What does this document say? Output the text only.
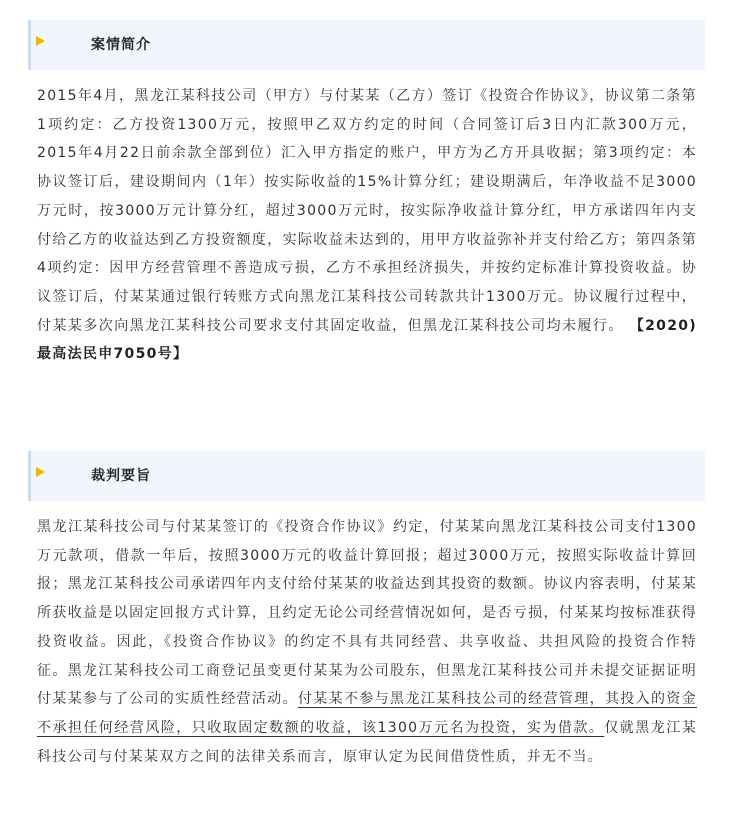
案情简介

2015年4月，黑龙江某科技公司（甲方）与付某某（乙方）签订《投资合作协议》，协议第二条第1项约定：乙方投资1300万元，按照甲乙双方约定的时间（合同签订后3日内汇款300万元，2015年4月22日前余款全部到位）汇入甲方指定的账户，甲方为乙方开具收据；第3项约定：本协议签订后，建设期间内（1年）按实际收益的15%计算分红；建设期满后，年净收益不足3000万元时，按3000万元计算分红，超过3000万元时，按实际净收益计算分红，甲方承诺四年内支付给乙方的收益达到乙方投资额度，实际收益未达到的，用甲方收益弥补并支付给乙方；第四条第4项约定：因甲方经营管理不善造成亏损，乙方不承担经济损失，并按约定标准计算投资收益。协议签订后，付某某通过银行转账方式向黑龙江某科技公司转款共计1300万元。协议履行过程中，付某某多次向黑龙江某科技公司要求支付其固定收益，但黑龙江某科技公司均未履行。 【2020)最高法民申7050号】

裁判要旨

黑龙江某科技公司与付某某签订的《投资合作协议》约定，付某某向黑龙江某科技公司支付1300万元款项，借款一年后，按照3000万元的收益计算回报；超过3000万元，按照实际收益计算回报；黑龙江某科技公司承诺四年内支付给付某某的收益达到其投资的数额。协议内容表明，付某某所获收益是以固定回报方式计算，且约定无论公司经营情况如何，是否亏损，付某某均按标准获得投资收益。因此，《投资合作协议》的约定不具有共同经营、共享收益、共担风险的投资合作特征。黑龙江某科技公司工商登记虽变更付某某为公司股东，但黑龙江某科技公司并未提交证据证明付某某参与了公司的实质性经营活动。付某某不参与黑龙江某科技公司的经营管理，其投入的资金不承担任何经营风险，只收取固定数额的收益，该1300万元名为投资，实为借款。仅就黑龙江某科技公司与付某某双方之间的法律关系而言，原审认定为民间借贷性质，并无不当。
